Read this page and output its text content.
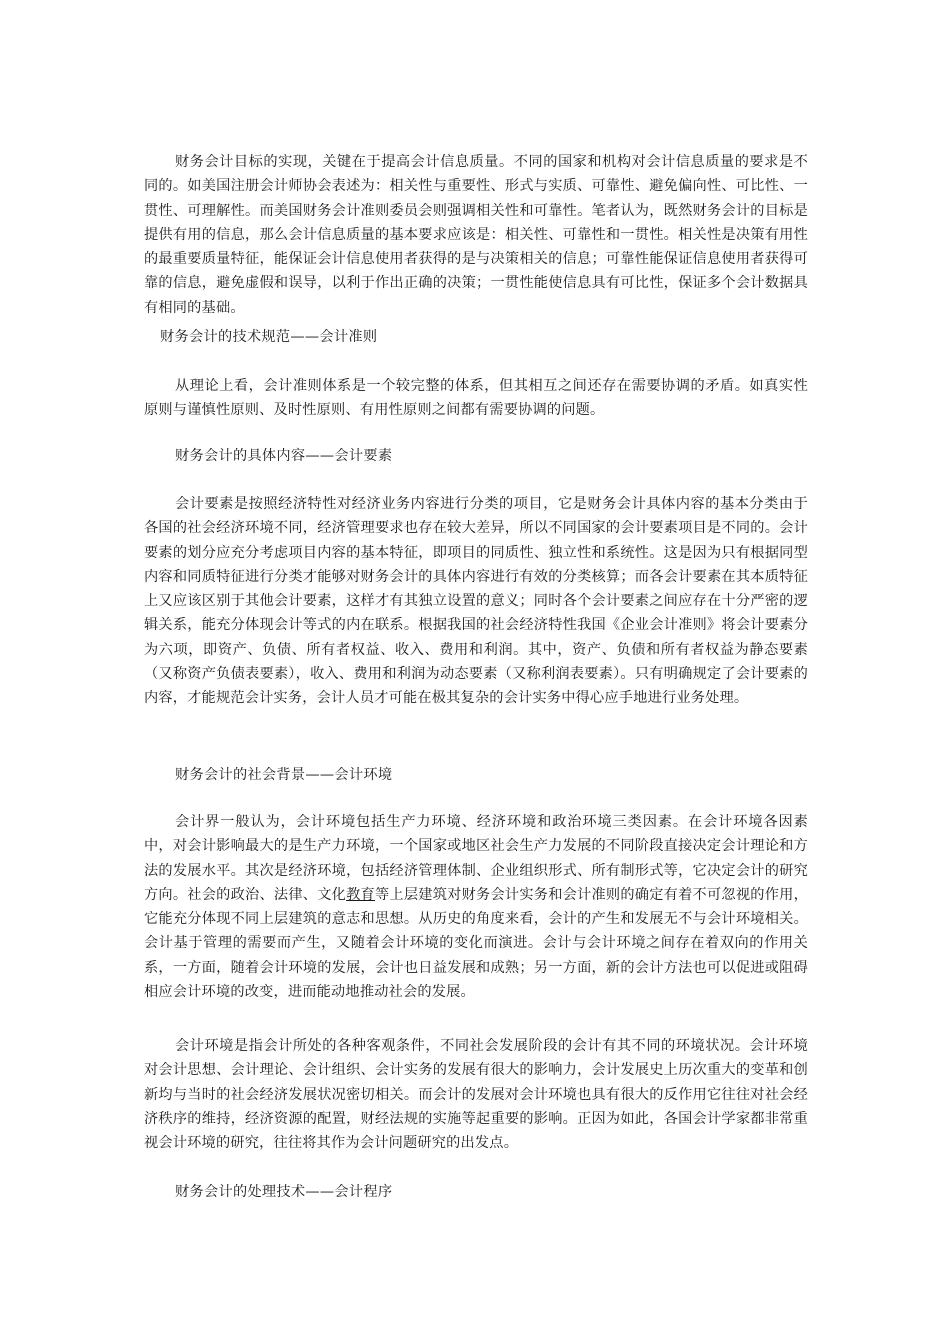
财务会计目标的实现，关键在于提高会计信息质量。不同的国家和机构对会计信息质量的要求是不同的。如美国注册会计师协会表述为：相关性与重要性、形式与实质、可靠性、避免偏向性、可比性、一贯性、可理解性。而美国财务会计准则委员会则强调相关性和可靠性。笔者认为，既然财务会计的目标是提供有用的信息，那么会计信息质量的基本要求应该是：相关性、可靠性和一贯性。相关性是决策有用性的最重要质量特征，能保证会计信息使用者获得的是与决策相关的信息；可靠性能保证信息使用者获得可靠的信息，避免虚假和误导，以利于作出正确的决策；一贯性能使信息具有可比性，保证多个会计数据具有相同的基础。

财务会计的技术规范——会计准则

从理论上看，会计准则体系是一个较完整的体系，但其相互之间还存在需要协调的矛盾。如真实性原则与谨慎性原则、及时性原则、有用性原则之间都有需要协调的问题。

财务会计的具体内容——会计要素

会计要素是按照经济特性对经济业务内容进行分类的项目，它是财务会计具体内容的基本分类由于各国的社会经济环境不同，经济管理要求也存在较大差异，所以不同国家的会计要素项目是不同的。会计要素的划分应充分考虑项目内容的基本特征，即项目的同质性、独立性和系统性。这是因为只有根据同型内容和同质特征进行分类才能够对财务会计的具体内容进行有效的分类核算；而各会计要素在其本质特征上又应该区别于其他会计要素，这样才有其独立设置的意义；同时各个会计要素之间应存在十分严密的逻辑关系，能充分体现会计等式的内在联系。根据我国的社会经济特性我国《企业会计准则》将会计要素分为六项，即资产、负债、所有者权益、收入、费用和利润。其中，资产、负债和所有者权益为静态要素（又称资产负债表要素），收入、费用和利润为动态要素（又称利润表要素）。只有明确规定了会计要素的内容，才能规范会计实务，会计人员才可能在极其复杂的会计实务中得心应手地进行业务处理。

财务会计的社会背景——会计环境

会计界一般认为，会计环境包括生产力环境、经济环境和政治环境三类因素。在会计环境各因素中，对会计影响最大的是生产力环境，一个国家或地区社会生产力发展的不同阶段直接决定会计理论和方法的发展水平。其次是经济环境，包括经济管理体制、企业组织形式、所有制形式等，它决定会计的研究方向。社会的政治、法律、文化教育等上层建筑对财务会计实务和会计准则的确定有着不可忽视的作用，它能充分体现不同上层建筑的意志和思想。从历史的角度来看，会计的产生和发展无不与会计环境相关。会计基于管理的需要而产生，又随着会计环境的变化而演进。会计与会计环境之间存在着双向的作用关系，一方面，随着会计环境的发展，会计也日益发展和成熟；另一方面，新的会计方法也可以促进或阻碍相应会计环境的改变，进而能动地推动社会的发展。

会计环境是指会计所处的各种客观条件，不同社会发展阶段的会计有其不同的环境状况。会计环境对会计思想、会计理论、会计组织、会计实务的发展有很大的影响力，会计发展史上历次重大的变革和创新均与当时的社会经济发展状况密切相关。而会计的发展对会计环境也具有很大的反作用它往往对社会经济秩序的维持，经济资源的配置，财经法规的实施等起重要的影响。正因为如此，各国会计学家都非常重视会计环境的研究，往往将其作为会计问题研究的出发点。

财务会计的处理技术——会计程序
